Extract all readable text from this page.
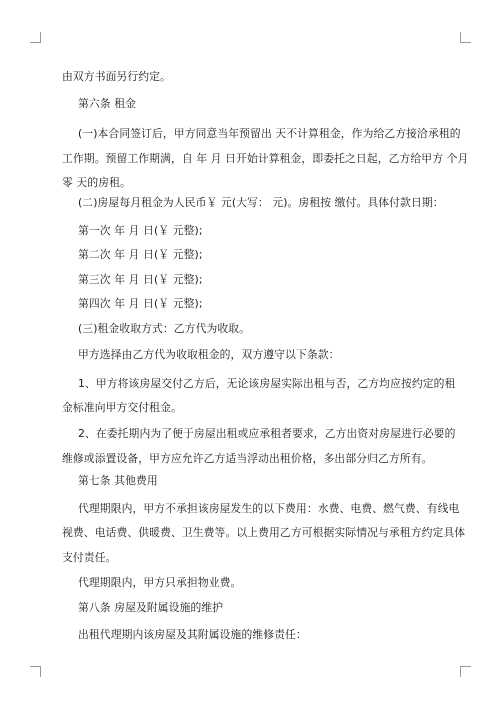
由双方书面另行约定。
第六条 租金
(一)本合同签订后，甲方同意当年预留出 天不计算租金，作为给乙方接洽承租的
工作期。预留工作期满，自 年 月 日开始计算租金，即委托之日起，乙方给甲方 个月
零 天的房租。
(二)房屋每月租金为人民币￥ 元(大写： 元)。房租按 缴付。具体付款日期：
第一次 年 月 日(￥ 元整);
第二次 年 月 日(￥ 元整);
第三次 年 月 日(￥ 元整);
第四次 年 月 日(￥ 元整);
(三)租金收取方式：乙方代为收取。
甲方选择由乙方代为收取租金的，双方遵守以下条款：
1、甲方将该房屋交付乙方后，无论该房屋实际出租与否，乙方均应按约定的租
金标准向甲方交付租金。
2、在委托期内为了便于房屋出租或应承租者要求，乙方出资对房屋进行必要的
维修或添置设备，甲方应允许乙方适当浮动出租价格，多出部分归乙方所有。
第七条 其他费用
代理期限内，甲方不承担该房屋发生的以下费用：水费、电费、燃气费、有线电
视费、电话费、供暖费、卫生费等。以上费用乙方可根据实际情况与承租方约定具体
支付责任。
代理期限内，甲方只承担物业费。
第八条 房屋及附属设施的维护
出租代理期内该房屋及其附属设施的维修责任：
